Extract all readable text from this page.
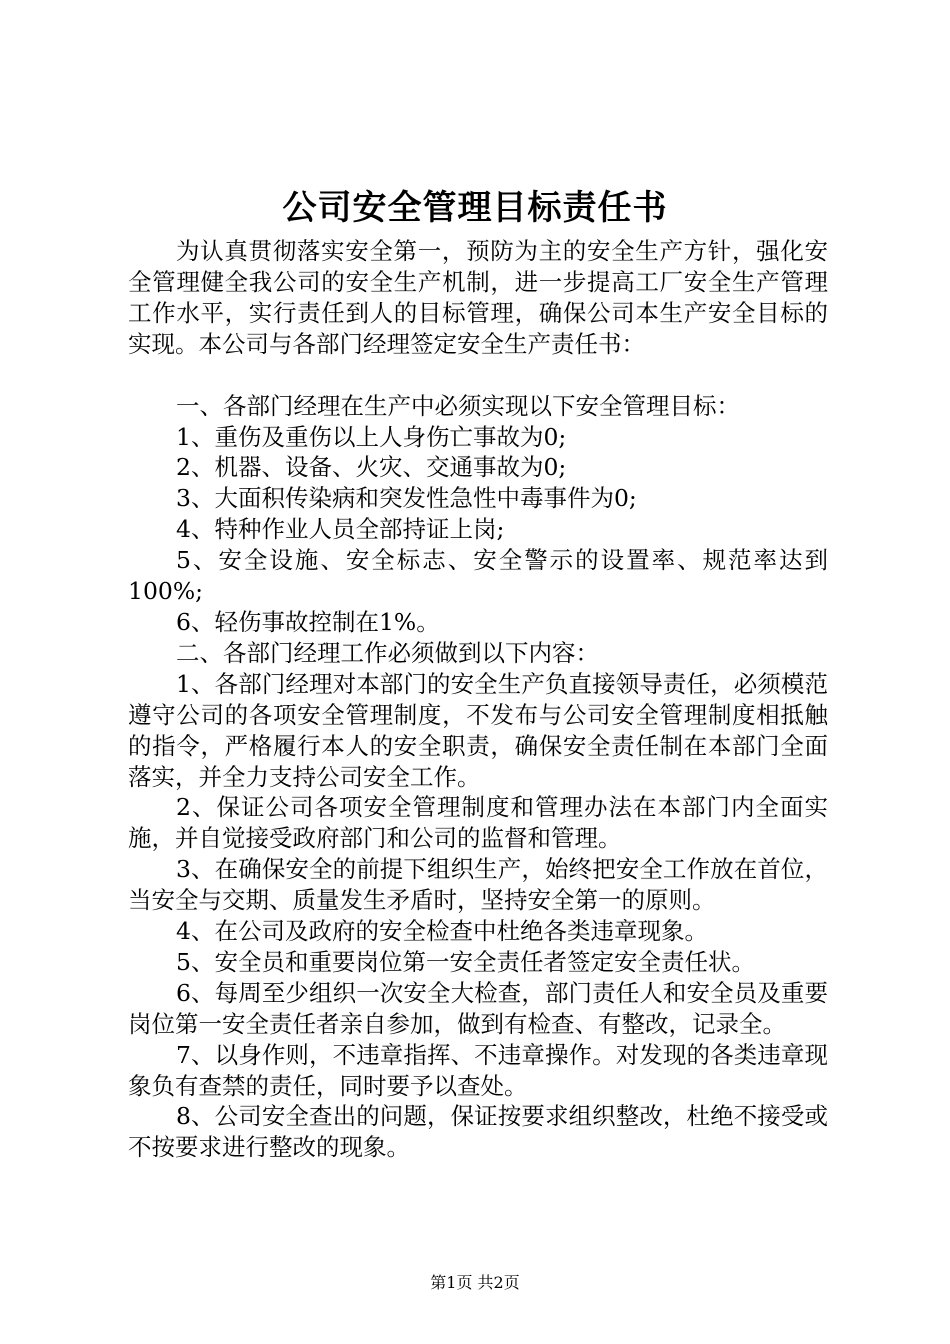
公司安全管理目标责任书

为认真贯彻落实安全第一，预防为主的安全生产方针，强化安全管理健全我公司的安全生产机制，进一步提高工厂安全生产管理工作水平，实行责任到人的目标管理，确保公司本生产安全目标的实现。本公司与各部门经理签定安全生产责任书：

一、各部门经理在生产中必须实现以下安全管理目标：

1、重伤及重伤以上人身伤亡事故为0;

2、机器、设备、火灾、交通事故为0;

3、大面积传染病和突发性急性中毒事件为0;

4、特种作业人员全部持证上岗;

5、安全设施、安全标志、安全警示的设置率、规范率达到100%;

6、轻伤事故控制在1%。

二、各部门经理工作必须做到以下内容：

1、各部门经理对本部门的安全生产负直接领导责任，必须模范遵守公司的各项安全管理制度，不发布与公司安全管理制度相抵触的指令，严格履行本人的安全职责，确保安全责任制在本部门全面落实，并全力支持公司安全工作。

2、保证公司各项安全管理制度和管理办法在本部门内全面实施，并自觉接受政府部门和公司的监督和管理。

3、在确保安全的前提下组织生产，始终把安全工作放在首位，当安全与交期、质量发生矛盾时，坚持安全第一的原则。

4、在公司及政府的安全检查中杜绝各类违章现象。

5、安全员和重要岗位第一安全责任者签定安全责任状。

6、每周至少组织一次安全大检查，部门责任人和安全员及重要岗位第一安全责任者亲自参加，做到有检查、有整改，记录全。

7、以身作则，不违章指挥、不违章操作。对发现的各类违章现象负有查禁的责任，同时要予以查处。

8、公司安全查出的问题，保证按要求组织整改，杜绝不接受或不按要求进行整改的现象。

第1页 共2页
